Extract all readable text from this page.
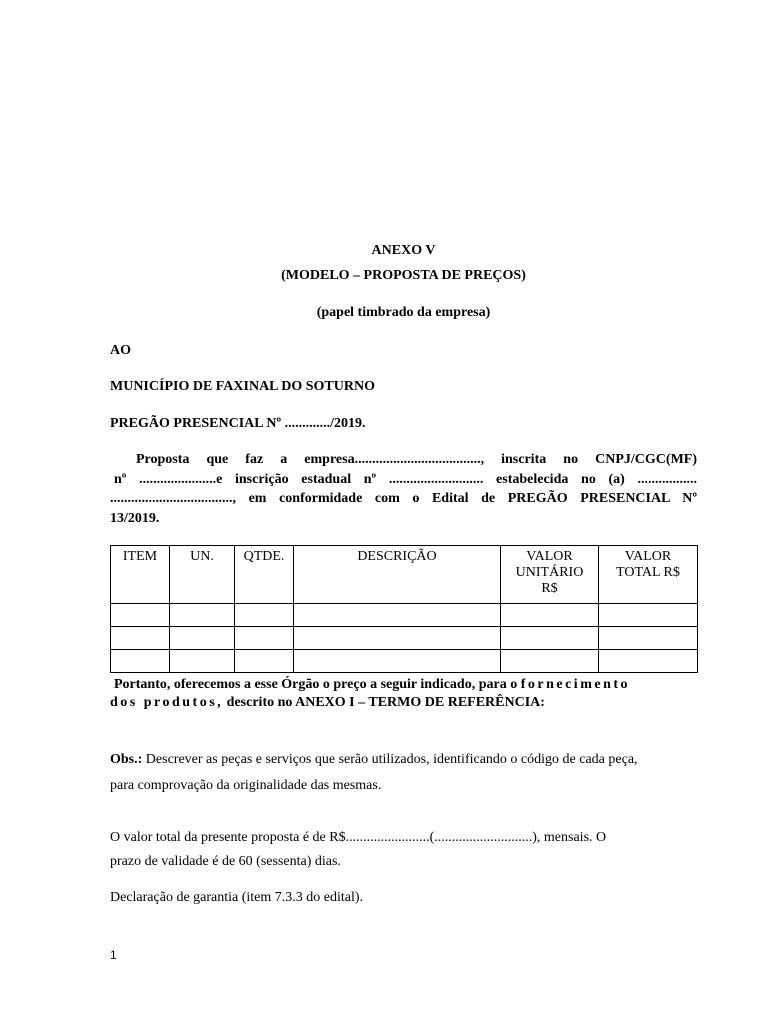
ANEXO V
(MODELO – PROPOSTA DE PREÇOS)
(papel timbrado da empresa)
AO
MUNICÍPIO DE FAXINAL DO SOTURNO
PREGÃO PRESENCIAL Nº ............./2019.
Proposta que faz a empresa...................................., inscrita no CNPJ/CGC(MF)
nº ......................e inscrição estadual nº ........................... estabelecida no (a) .................
..................................., em conformidade com o Edital de PREGÃO PRESENCIAL Nº
13/2019.
ITEM	UN.	QTDE.	DESCRIÇÃO	VALOR UNITÁRIO R$	VALOR TOTAL R$

Portanto, oferecemos a esse Órgão o preço a seguir indicado, para o fornecimento
dos produtos, descrito no ANEXO I – TERMO DE REFERÊNCIA:
Obs.: Descrever as peças e serviços que serão utilizados, identificando o código de cada peça,
para comprovação da originalidade das mesmas.
O valor total da presente proposta é de R$........................(............................), mensais. O
prazo de validade é de 60 (sessenta) dias.
Declaração de garantia (item 7.3.3 do edital).
1
